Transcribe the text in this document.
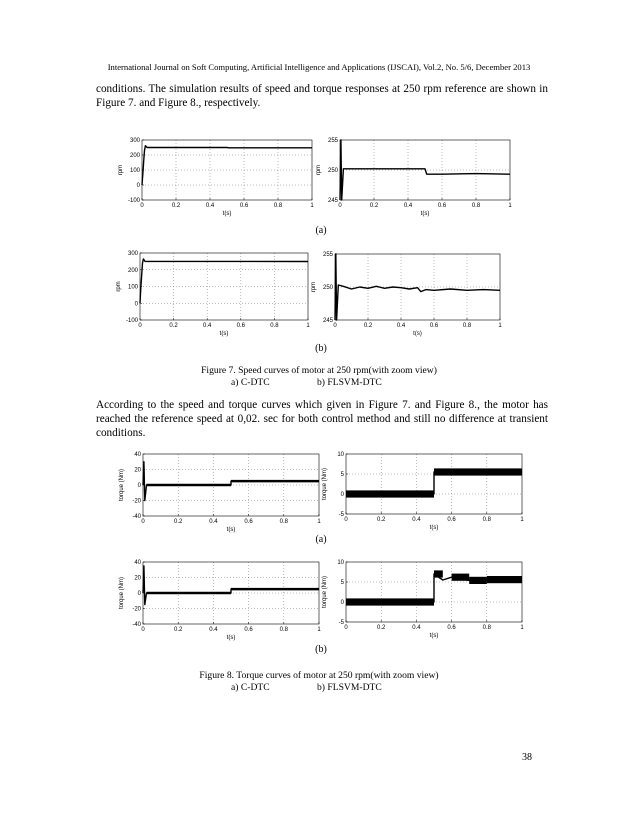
International Journal on Soft Computing, Artificial Intelligence and Applications (IJSCAI), Vol.2, No. 5/6, December 2013

conditions. The simulation results of speed and torque responses at 250 rpm reference are shown in Figure 7. and Figure 8., respectively.

0	0.2	0.4	0.6	0.8	1
-100
0
100
200
300
t(s)
rpm
0	0.2	0.4	0.6	0.8	1
245
250
255
t(s)
rpm
(a)
0	0.2	0.4	0.6	0.8	1
-100
0
100
200
300
t(s)
rpm
0	0.2	0.4	0.6	0.8	1
245
250
255
t(s)
rpm
(b)
Figure 7. Speed curves of motor at 250 rpm(with zoom view)
a) C-DTC	b) FLSVM-DTC

According to the speed and torque curves which given in Figure 7. and Figure 8., the motor has reached the reference speed at 0,02. sec for both control method and still no difference at transient conditions.

0	0.2	0.4	0.6	0.8	1
-40
-20
0
20
40
t(s)
torque (Nm)
0	0.2	0.4	0.6	0.8	1
-5
0
5
10
t(s)
torque (Nm)
(a)
0	0.2	0.4	0.6	0.8	1
-40
-20
0
20
40
t(s)
torque (Nm)
0	0.2	0.4	0.6	0.8	1
-5
0
5
10
t(s)
torque (Nm)
(b)
Figure 8. Torque curves of motor at 250 rpm(with zoom view)
a) C-DTC	b) FLSVM-DTC
38
